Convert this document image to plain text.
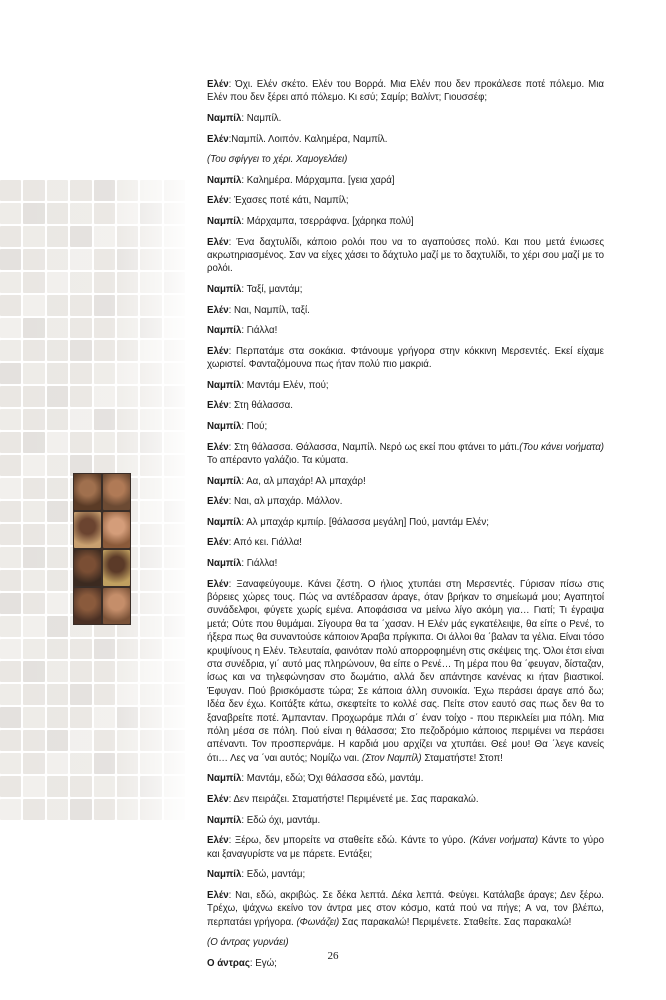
Ελέν: Όχι. Ελέν σκέτο. Ελέν του Βορρά. Μια Ελέν που δεν προκάλεσε ποτέ πόλεμο. Μια Ελέν που δεν ξέρει από πόλεμο. Κι εσύ; Σαμίρ; Βαλίντ; Γιουσσέφ;

Ναμπίλ: Ναμπίλ.

Ελέν:Ναμπίλ. Λοιπόν. Καλημέρα, Ναμπίλ.

(Του σφίγγει το χέρι. Χαμογελάει)

Ναμπίλ: Καλημέρα. Μάρχαμπα. [γεια χαρά]

Ελέν: Έχασες ποτέ κάτι, Ναμπίλ;

Ναμπίλ: Μάρχαμπα, τσερράφνα. [χάρηκα πολύ]

Ελέν: Ένα δαχτυλίδι, κάποιο ρολόι που να το αγαπούσες πολύ. Και που μετά ένιωσες ακρωτηριασμένος. Σαν να είχες χάσει το δάχτυλο μαζί με το δαχτυλίδι, το χέρι σου μαζί με το ρολόι.

Ναμπίλ: Ταξί, μαντάμ;

Ελέν: Ναι, Ναμπίλ, ταξί.

Ναμπίλ: Γιάλλα!

Ελέν: Περπατάμε στα σοκάκια. Φτάνουμε γρήγορα στην κόκκινη Μερσεντές. Εκεί είχαμε χωριστεί. Φανταζόμουνα πως ήταν πολύ πιο μακριά.

Ναμπίλ: Μαντάμ Ελέν, πού;

Ελέν: Στη θάλασσα.

Ναμπίλ: Πού;

Ελέν: Στη θάλασσα. Θάλασσα, Ναμπίλ. Νερό ως εκεί που φτάνει το μάτι.(Του κάνει νοήματα) Το απέραντο γαλάζιο. Τα κύματα.

Ναμπίλ: Αα, αλ μπαχάρ! Αλ μπαχάρ!

Ελέν: Ναι, αλ μπαχάρ. Μάλλον.

Ναμπίλ: Αλ μπαχάρ κμπιίρ. [θάλασσα μεγάλη] Πού, μαντάμ Ελέν;

Ελέν: Από κει. Γιάλλα!

Ναμπίλ: Γιάλλα!

Ελέν: Ξαναφεύγουμε. Κάνει ζέστη. Ο ήλιος χτυπάει στη Μερσεντές. Γύρισαν πίσω στις βόρειες χώρες τους. Πώς να αντέδρασαν άραγε, όταν βρήκαν το σημείωμά μου; Αγαπητοί συνάδελφοι, φύγετε χωρίς εμένα. Αποφάσισα να μείνω λίγο ακόμη για… Γιατί; Τι έγραψα μετά; Ούτε που θυμάμαι. Σίγουρα θα τα ΄χασαν. Η Ελέν μάς εγκατέλειψε, θα είπε ο Ρενέ, το ήξερα πως θα συναντούσε κάποιον Άραβα πρίγκιπα. Οι άλλοι θα ΄βαλαν τα γέλια. Είναι τόσο κρυψίνους η Ελέν. Τελευταία, φαινόταν πολύ απορροφημένη στις σκέψεις της. Όλοι έτσι είναι στα συνέδρια, γι΄ αυτό μας πληρώνουν, θα είπε ο Ρενέ… Τη μέρα που θα ΄φευγαν, δίσταζαν, ίσως και να τηλεφώνησαν στο δωμάτιο, αλλά δεν απάντησε κανένας κι ήταν βιαστικοί. Έφυγαν. Πού βρισκόμαστε τώρα; Σε κάποια άλλη συνοικία. Έχω περάσει άραγε από δω; Ιδέα δεν έχω. Κοιτάξτε κάτω, σκεφτείτε το κολλέ σας. Πείτε στον εαυτό σας πως δεν θα το ξαναβρείτε ποτέ. Άμπανταν. Προχωράμε πλάι σ΄ έναν τοίχο - που περικλείει μια πόλη. Μια πόλη μέσα σε πόλη. Πού είναι η θάλασσα; Στο πεζοδρόμιο κάποιος περιμένει να περάσει απέναντι. Τον προσπερνάμε. Η καρδιά μου αρχίζει να χτυπάει. Θεέ μου! Θα ΄λεγε κανείς ότι… Λες να ΄ναι αυτός; Νομίζω ναι. (Στον Ναμπίλ) Σταματήστε! Στοπ!

Ναμπίλ: Μαντάμ, εδώ; Όχι θάλασσα εδώ, μαντάμ.

Ελέν: Δεν πειράζει. Σταματήστε! Περιμένετέ με. Σας παρακαλώ.

Ναμπίλ: Εδώ όχι, μαντάμ.

Ελέν: Ξέρω, δεν μπορείτε να σταθείτε εδώ. Κάντε το γύρο. (Κάνει νοήματα) Κάντε το γύρο και ξαναγυρίστε να με πάρετε. Εντάξει;

Ναμπίλ: Εδώ, μαντάμ;

Ελέν: Ναι, εδώ, ακριβώς. Σε δέκα λεπτά. Δέκα λεπτά. Φεύγει. Κατάλαβε άραγε; Δεν ξέρω. Τρέχω, ψάχνω εκείνο τον άντρα μες στον κόσμο, κατά πού να πήγε; Α να, τον βλέπω, περπατάει γρήγορα. (Φωνάζει) Σας παρακαλώ! Περιμένετε. Σταθείτε. Σας παρακαλώ!

(Ο άντρας γυρνάει)

Ο άντρας: Εγώ;

26
